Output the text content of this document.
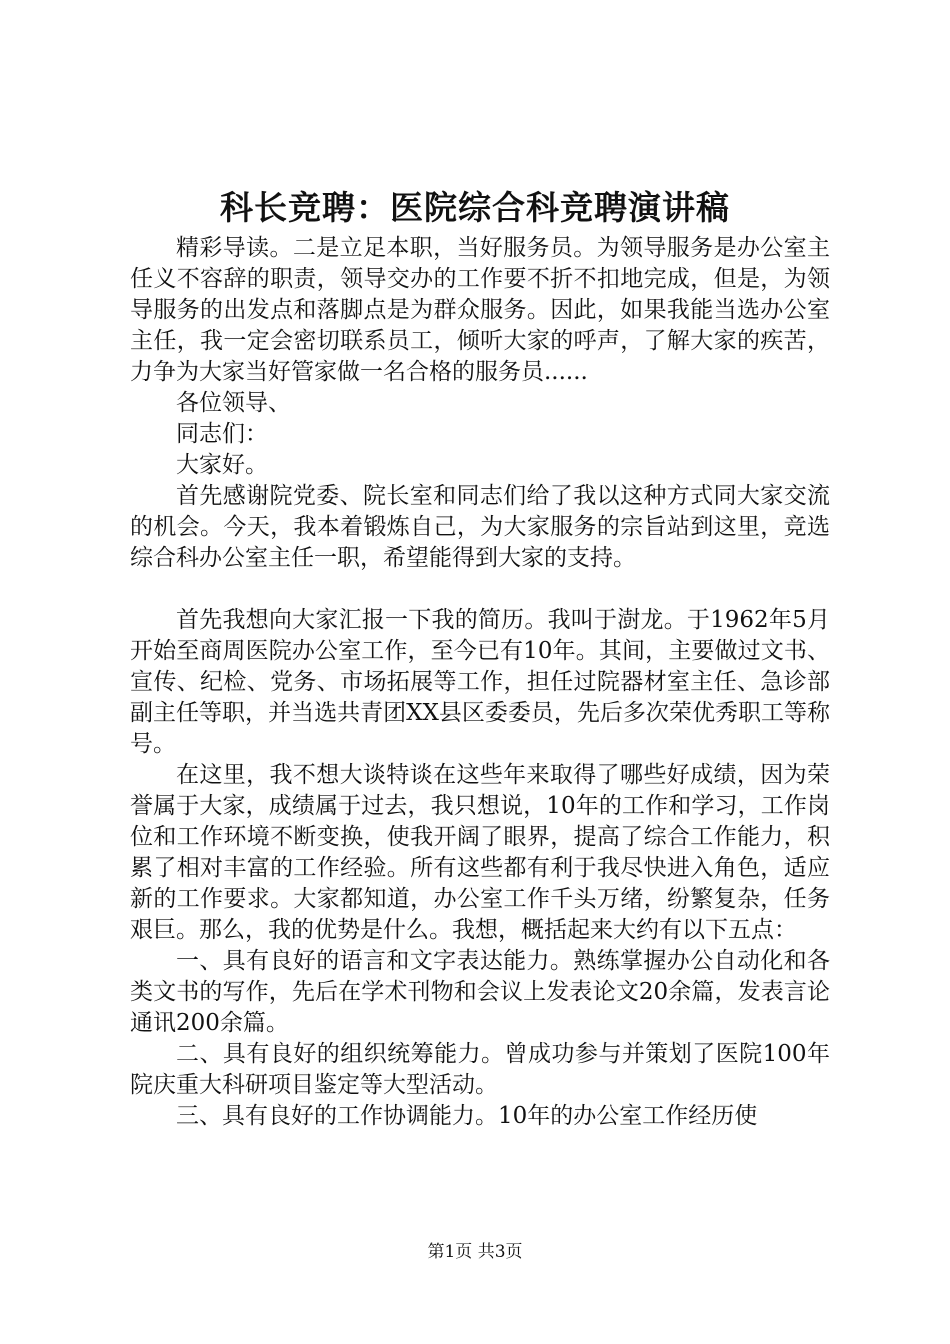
科长竞聘：医院综合科竞聘演讲稿

精彩导读。二是立足本职，当好服务员。为领导服务是办公室主任义不容辞的职责，领导交办的工作要不折不扣地完成，但是，为领导服务的出发点和落脚点是为群众服务。因此，如果我能当选办公室主任，我一定会密切联系员工，倾听大家的呼声，了解大家的疾苦，力争为大家当好管家做一名合格的服务员......

各位领导、

同志们：

大家好。

首先感谢院党委、院长室和同志们给了我以这种方式同大家交流的机会。今天，我本着锻炼自己，为大家服务的宗旨站到这里，竞选综合科办公室主任一职，希望能得到大家的支持。

首先我想向大家汇报一下我的简历。我叫于澍龙。于1962年5月开始至商周医院办公室工作，至今已有10年。其间，主要做过文书、宣传、纪检、党务、市场拓展等工作，担任过院器材室主任、急诊部副主任等职，并当选共青团XX县区委委员，先后多次荣优秀职工等称号。

在这里，我不想大谈特谈在这些年来取得了哪些好成绩，因为荣誉属于大家，成绩属于过去，我只想说，10年的工作和学习，工作岗位和工作环境不断变换，使我开阔了眼界，提高了综合工作能力，积累了相对丰富的工作经验。所有这些都有利于我尽快进入角色，适应新的工作要求。大家都知道，办公室工作千头万绪，纷繁复杂，任务艰巨。那么，我的优势是什么。我想，概括起来大约有以下五点：

一、具有良好的语言和文字表达能力。熟练掌握办公自动化和各类文书的写作，先后在学术刊物和会议上发表论文20余篇，发表言论通讯200余篇。

二、具有良好的组织统筹能力。曾成功参与并策划了医院100年院庆重大科研项目鉴定等大型活动。

三、具有良好的工作协调能力。10年的办公室工作经历使

第1页 共3页
